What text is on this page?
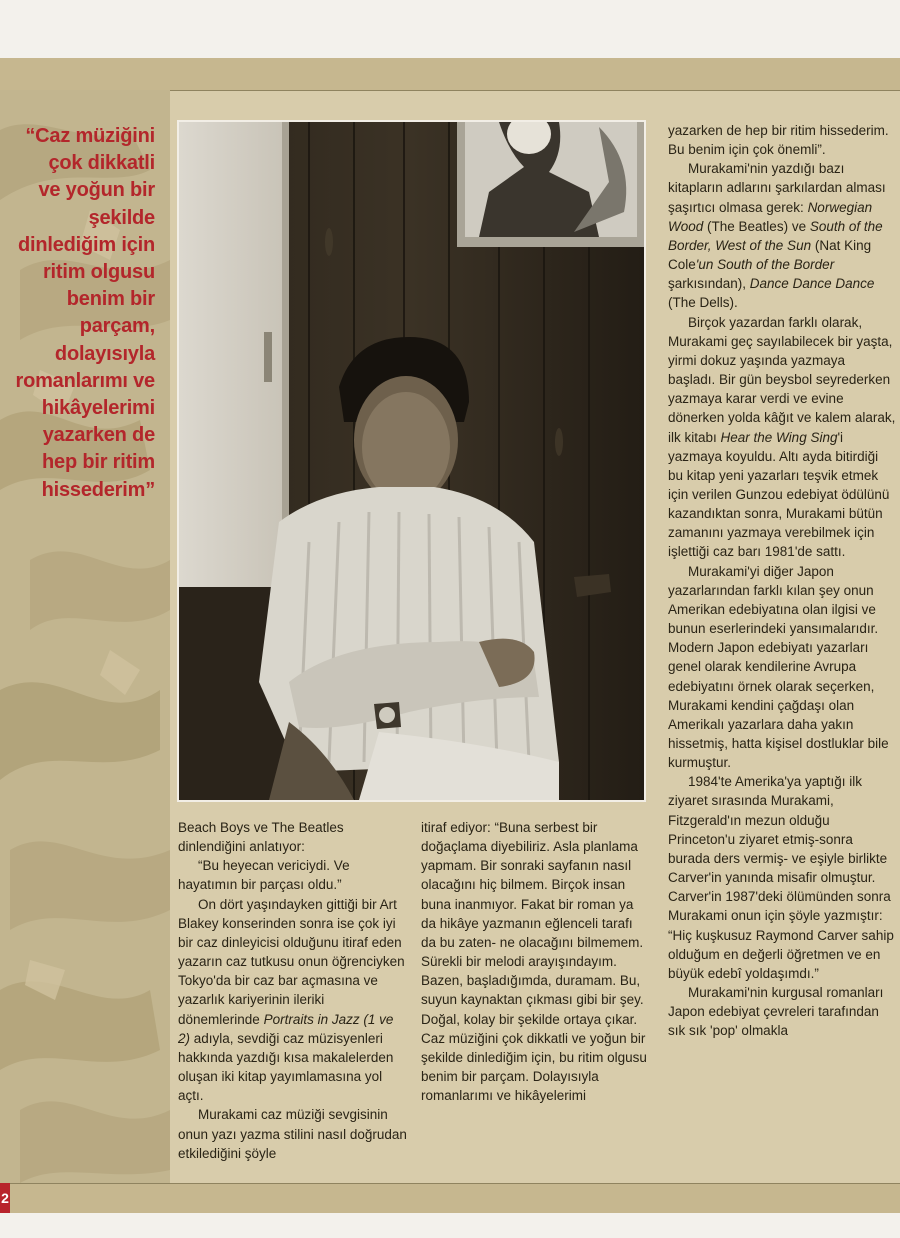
“Caz müziğini
çok dikkatli
ve yoğun bir
şekilde
dinlediğim için
ritim olgusu
benim bir
parçam,
dolayısıyla
romanlarımı ve
hikâyelerimi
yazarken de
hep bir ritim
hissederim”

Beach Boys ve The Beatles dinlendiğini anlatıyor:

“Bu heyecan vericiydi. Ve hayatımın bir parçası oldu.”

On dört yaşındayken gittiği bir Art Blakey konserinden sonra ise çok iyi bir caz dinleyicisi olduğunu itiraf eden yazarın caz tutkusu onun öğrenciyken Tokyo'da bir caz bar açmasına ve yazarlık kariyerinin ileriki dönemlerinde Portraits in Jazz (1 ve 2) adıyla, sevdiği caz müzisyenleri hakkında yazdığı kısa makalelerden oluşan iki kitap yayımlamasına yol açtı.

Murakami caz müziği sevgisinin onun yazı yazma stilini nasıl doğrudan etkilediğini şöyle

itiraf ediyor: “Buna serbest bir doğaçlama diyebiliriz. Asla planlama yapmam. Bir sonraki sayfanın nasıl olacağını hiç bilmem. Birçok insan buna inanmıyor. Fakat bir roman ya da hikâye yazmanın eğlenceli tarafı da bu zaten- ne olacağını bilmemem. Sürekli bir melodi arayışındayım. Bazen, başladığımda, duramam. Bu, suyun kaynaktan çıkması gibi bir şey. Doğal, kolay bir şekilde ortaya çıkar. Caz müziğini çok dikkatli ve yoğun bir şekilde dinlediğim için, bu ritim olgusu benim bir parçam. Dolayısıyla romanlarımı ve hikâyelerimi

yazarken de hep bir ritim hissederim. Bu benim için çok önemli”.

Murakami'nin yazdığı bazı kitapların adlarını şarkılardan alması şaşırtıcı olmasa gerek: Norwegian Wood (The Beatles) ve South of the Border, West of the Sun (Nat King Cole'un South of the Border şarkısından), Dance Dance Dance (The Dells).

Birçok yazardan farklı olarak, Murakami geç sayılabilecek bir yaşta, yirmi dokuz yaşında yazmaya başladı. Bir gün beysbol seyrederken yazmaya karar verdi ve evine dönerken yolda kâğıt ve kalem alarak, ilk kitabı Hear the Wing Sing'i yazmaya koyuldu. Altı ayda bitirdiği bu kitap yeni yazarları teşvik etmek için verilen Gunzou edebiyat ödülünü kazandıktan sonra, Murakami bütün zamanını yazmaya verebilmek için işlettiği caz barı 1981'de sattı.

Murakami'yi diğer Japon yazarlarından farklı kılan şey onun Amerikan edebiyatına olan ilgisi ve bunun eserlerindeki yansımalarıdır. Modern Japon edebiyatı yazarları genel olarak kendilerine Avrupa edebiyatını örnek olarak seçerken, Murakami kendini çağdaşı olan Amerikalı yazarlara daha yakın hissetmiş, hatta kişisel dostluklar bile kurmuştur.

1984'te Amerika'ya yaptığı ilk ziyaret sırasında Murakami, Fitzgerald'ın mezun olduğu Princeton'u ziyaret etmiş-sonra burada ders vermiş- ve eşiyle birlikte Carver'in yanında misafir olmuştur. Carver'in 1987'deki ölümünden sonra Murakami onun için şöyle yazmıştır: “Hiç kuşkusuz Raymond Carver sahip olduğum en değerli öğretmen ve en büyük edebî yoldaşımdı.”

Murakami'nin kurgusal romanları Japon edebiyat çevreleri tarafından sık sık 'pop' olmakla

2
